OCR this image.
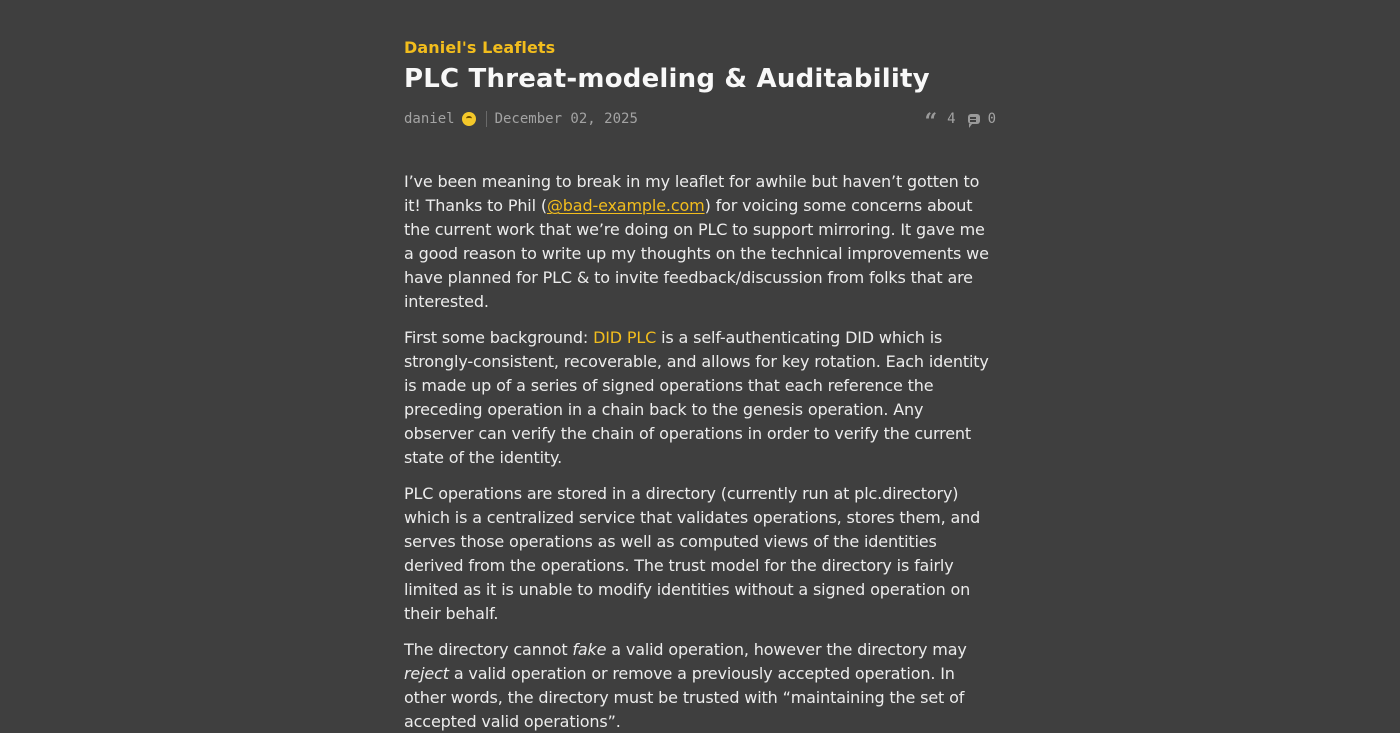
Daniel's Leaflets
PLC Threat-modeling & Auditability
daniel	December 02, 2025	“ 4 0

I’ve been meaning to break in my leaflet for awhile but haven’t gotten to it! Thanks to Phil (@bad-example.com) for voicing some concerns about the current work that we’re doing on PLC to support mirroring. It gave me a good reason to write up my thoughts on the technical improvements we have planned for PLC & to invite feedback/discussion from folks that are interested.

First some background: DID PLC is a self-authenticating DID which is strongly-consistent, recoverable, and allows for key rotation. Each identity is made up of a series of signed operations that each reference the preceding operation in a chain back to the genesis operation. Any observer can verify the chain of operations in order to verify the current state of the identity.

PLC operations are stored in a directory (currently run at plc.directory) which is a centralized service that validates operations, stores them, and serves those operations as well as computed views of the identities derived from the operations. The trust model for the directory is fairly limited as it is unable to modify identities without a signed operation on their behalf.

The directory cannot fake a valid operation, however the directory may reject a valid operation or remove a previously accepted operation. In other words, the directory must be trusted with “maintaining the set of accepted valid operations”.
